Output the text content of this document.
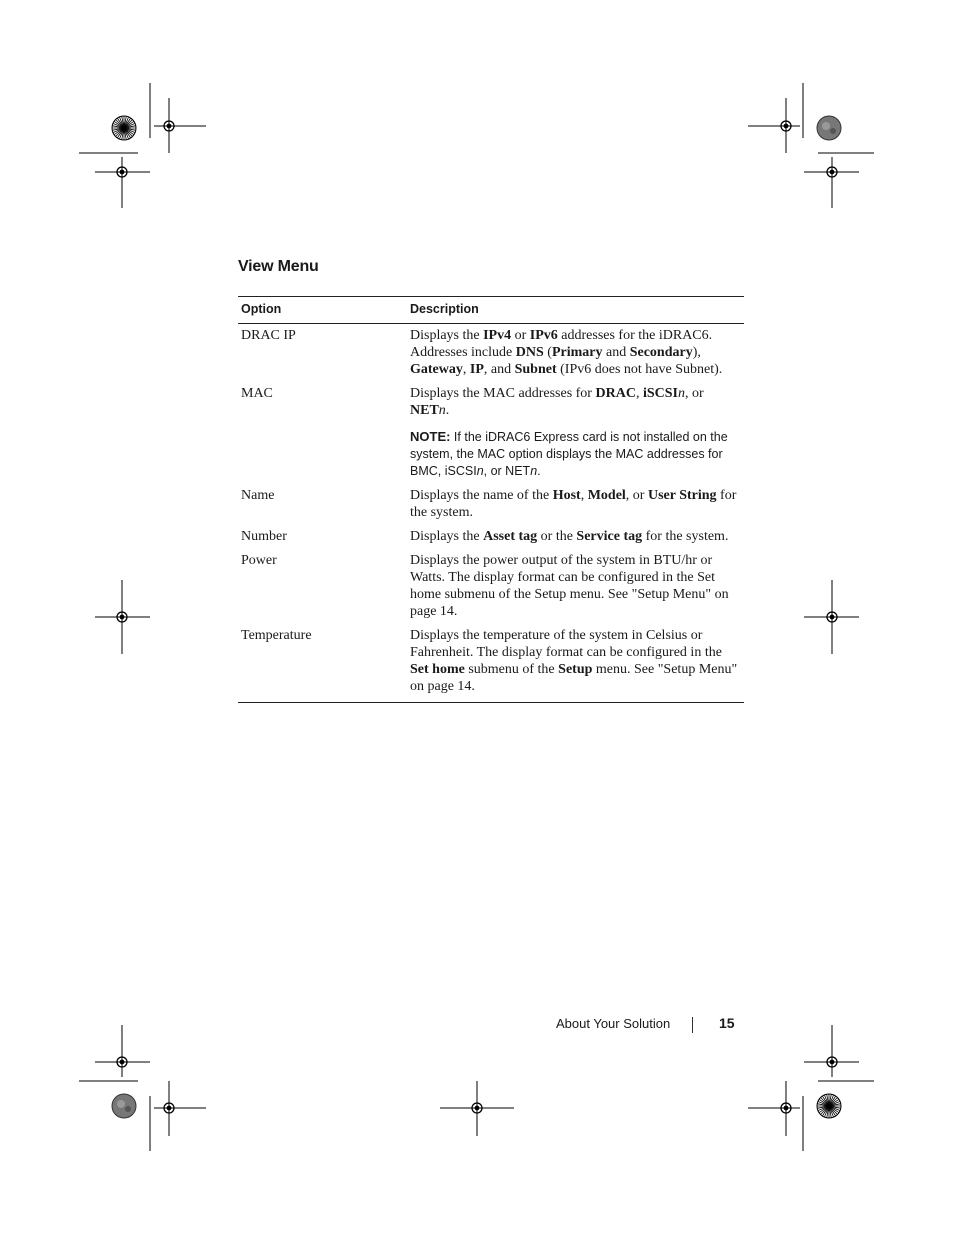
View Menu
Option	Description
DRAC IP	Displays the IPv4 or IPv6 addresses for the iDRAC6. Addresses include DNS (Primary and Secondary), Gateway, IP, and Subnet (IPv6 does not have Subnet).
MAC	Displays the MAC addresses for DRAC, iSCSIn, or NETn.
NOTE: If the iDRAC6 Express card is not installed on the system, the MAC option displays the MAC addresses for BMC, iSCSIn, or NETn.

Name	Displays the name of the Host, Model, or User String for the system.
Number	Displays the Asset tag or the Service tag for the system.
Power	Displays the power output of the system in BTU/hr or Watts. The display format can be configured in the Set home submenu of the Setup menu. See "Setup Menu" on page 14.
Temperature	Displays the temperature of the system in Celsius or Fahrenheit. The display format can be configured in the Set home submenu of the Setup menu. See "Setup Menu" on page 14.
About Your Solution	15
